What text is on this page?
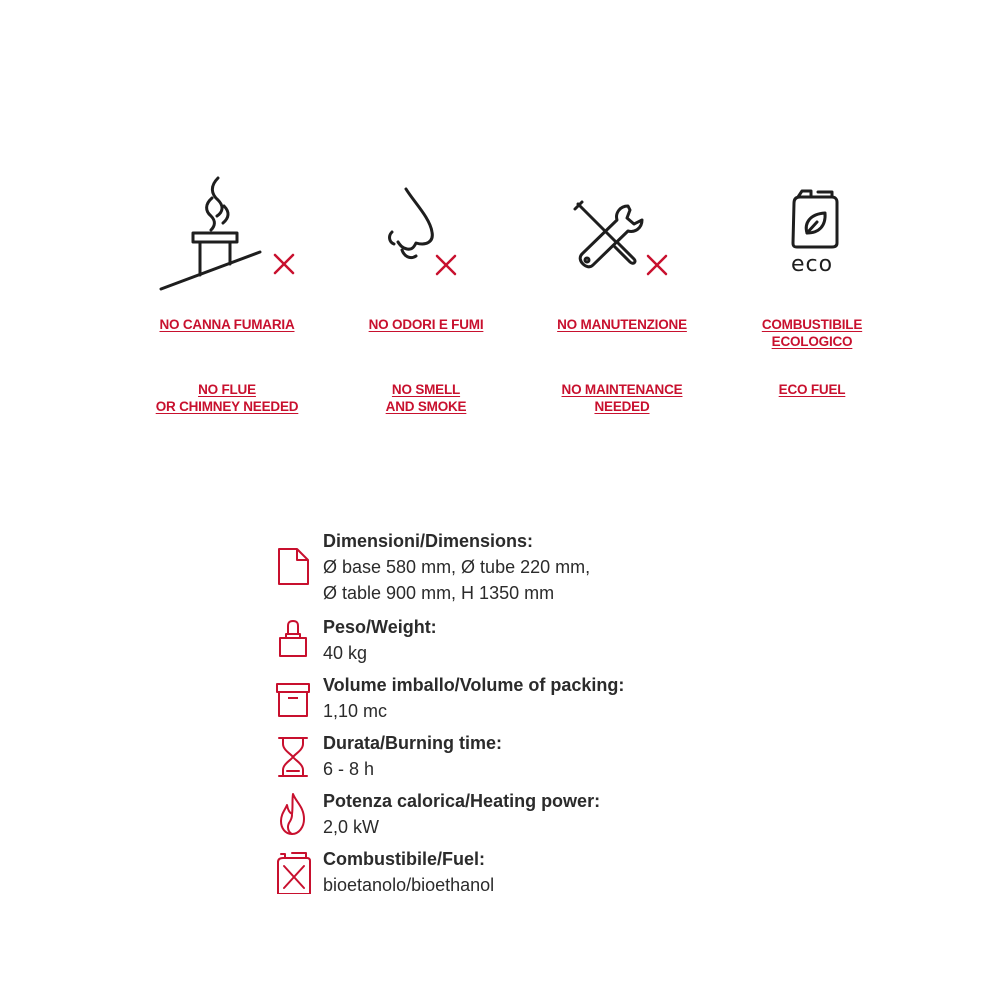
NO CANNA FUMARIA
NO FLUE
OR CHIMNEY NEEDED
NO ODORI E FUMI
NO SMELL
AND SMOKE
NO MANUTENZIONE
NO MAINTENANCE
NEEDED
eco
COMBUSTIBILE
ECOLOGICO
ECO FUEL
Dimensioni/Dimensions:
Ø base 580 mm, Ø tube 220 mm,
Ø table 900 mm, H 1350 mm
Peso/Weight:
40 kg
Volume imballo/Volume of packing:
1,10 mc
Durata/Burning time:
6 - 8 h
Potenza calorica/Heating power:
2,0 kW
Combustibile/Fuel:
bioetanolo/bioethanol
